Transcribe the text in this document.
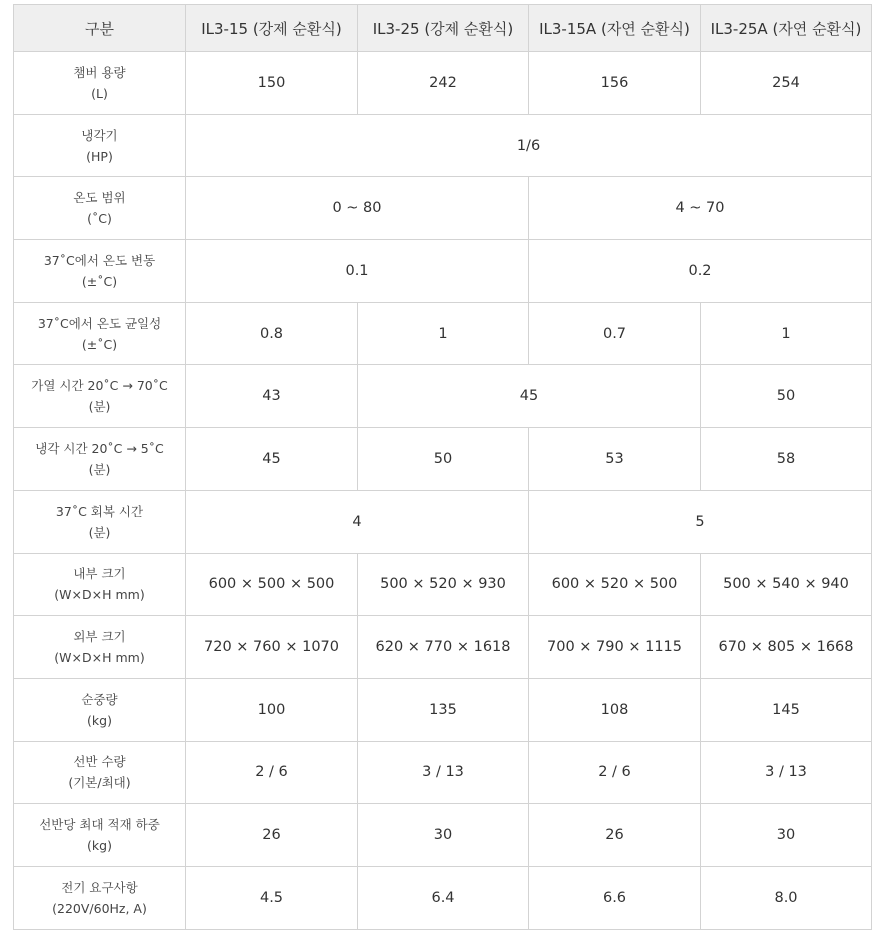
구분	IL3-15 (강제 순환식)	IL3-25 (강제 순환식)	IL3-15A (자연 순환식)	IL3-25A (자연 순환식)

챔버 용량
(L)	150	242	156	254

냉각기
(HP)	1/6			

온도 범위
(˚C)	0 ~ 80		4 ~ 70	

37˚C에서 온도 변동
(±˚C)	0.1		0.2	

37˚C에서 온도 균일성
(±˚C)	0.8	1	0.7	1

가열 시간 20˚C → 70˚C
(분)	43	45		50

냉각 시간 20˚C → 5˚C
(분)	45	50	53	58

37˚C 회복 시간
(분)	4		5	

내부 크기
(W×D×H mm)	600 × 500 × 500	500 × 520 × 930	600 × 520 × 500	500 × 540 × 940

외부 크기
(W×D×H mm)	720 × 760 × 1070	620 × 770 × 1618	700 × 790 × 1115	670 × 805 × 1668

순중량
(kg)	100	135	108	145

선반 수량
(기본/최대)	2 / 6	3 / 13	2 / 6	3 / 13

선반당 최대 적재 하중
(kg)	26	30	26	30

전기 요구사항
(220V/60Hz, A)	4.5	6.4	6.6	8.0
